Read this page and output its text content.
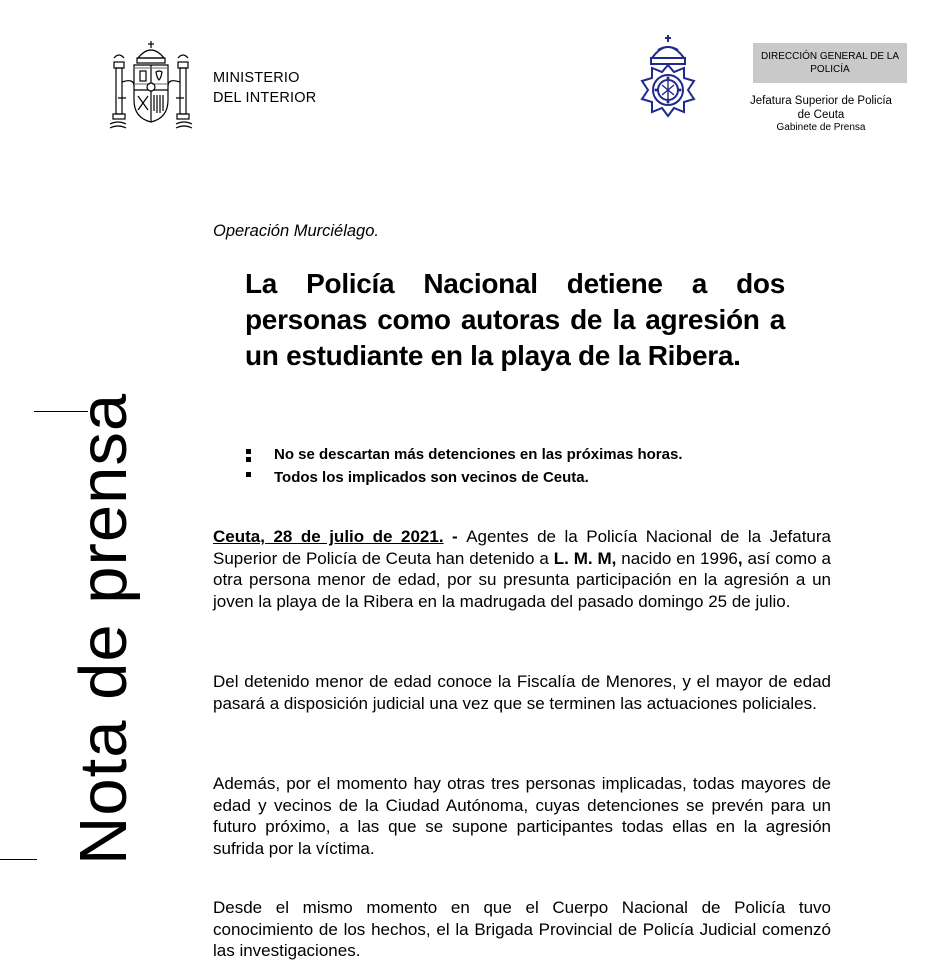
MINISTERIO
DEL INTERIOR
DIRECCIÓN GENERAL DE LA POLICÍA
Jefatura Superior de Policía
de Ceuta
Gabinete de Prensa
Nota de prensa
Operación Murciélago.
La Policía Nacional detiene a dos
personas como autoras de la agresión a
un estudiante en la playa de la Ribera.
No se descartan más detenciones en las próximas horas.
Todos los implicados son vecinos de Ceuta.

Ceuta, 28 de julio de 2021. - Agentes de la Policía Nacional de la Jefatura Superior de Policía de Ceuta han detenido a L. M. M, nacido en 1996, así como a otra persona menor de edad, por su presunta participación en la agresión a un joven la playa de la Ribera en la madrugada del pasado domingo 25 de julio.

Del detenido menor de edad conoce la Fiscalía de Menores, y el mayor de edad pasará a disposición judicial una vez que se terminen las actuaciones policiales.

Además, por el momento hay otras tres personas implicadas, todas mayores de edad y vecinos de la Ciudad Autónoma, cuyas detenciones se prevén para un futuro próximo, a las que se supone participantes todas ellas en la agresión sufrida por la víctima.

Desde el mismo momento en que el Cuerpo Nacional de Policía tuvo conocimiento de los hechos, el la Brigada Provincial de Policía Judicial comenzó las investigaciones.
